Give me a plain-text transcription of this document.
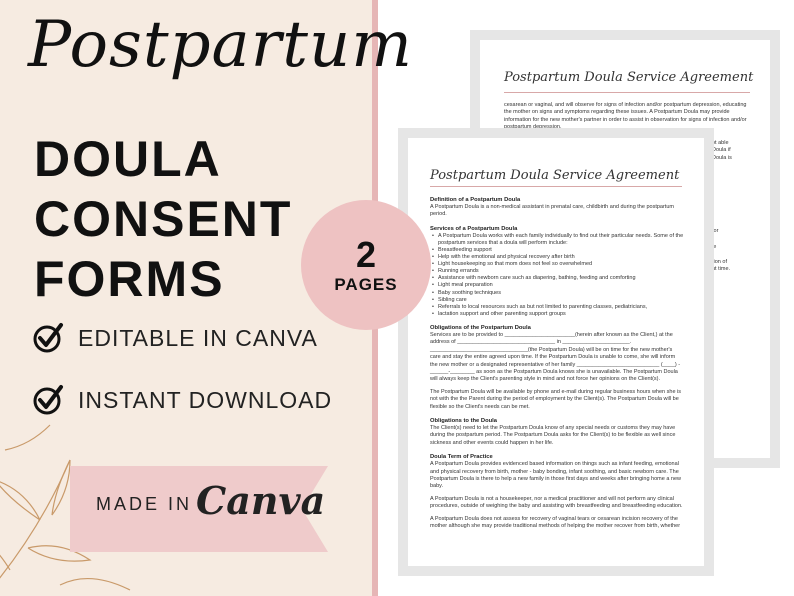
Postpartum
DOULA
CONSENT
FORMS
EDITABLE IN CANVA
INSTANT DOWNLOAD
MADE IN Canva
Postpartum Doula Service Agreement
cesarean or vaginal, and will observe for signs of infection and/or postpartum depression, educating the mother on signs and symptoms regarding these issues. A Postpartum Doula may provide information for the new mother's partner in order to assist in observation for signs of infection and/or postpartum depression.
ot able
Doula if
Doula is
for
le
tion of
ut time.
Postpartum Doula Service Agreement
Definition of a Postpartum Doula
A Postpartum Doula is a non-medical assistant in prenatal care, childbirth and during the postpartum period.
Services of a Postpartum Doula
• A Postpartum Doula works with each family individually to find out their particular needs. Some of the postpartum services that a doula will perform include:
• Breastfeeding support
• Help with the emotional and physical recovery after birth
• Light housekeeping so that mom does not feel so overwhelmed
• Running errands
• Assistance with newborn care such as diapering, bathing, feeding and comforting
• Light meal preparation
• Baby soothing techniques
• Sibling care
• Referrals to local resources such as but not limited to parenting classes, pediatricians,
• lactation support and other parenting support groups
Obligations of the Postpartum Doula
Services are to be provided to _______________________(herein after known as the Client,) at the address of ________________________________ in ______________________. ________________________________(the Postpartum Doula) will be on time for the new mother's care and stay the entire agreed upon time. If the Postpartum Doula is unable to come, she will inform the new mother or a designated representative of her family ___________________________ (____) - ______-________ as soon as the Postpartum Doula knows she is unavailable. The Postpartum Doula will always keep the Client's parenting style in mind and not force her opinions on the Client(s).
The Postpartum Doula will be available by phone and e-mail during regular business hours when she is not with the the Parent during the period of employment by the Client(s). The Postpartum Doula will be flexible so the Client's needs can be met.
Obligations to the Doula
The Client(s) need to let the Postpartum Doula know of any special needs or customs they may have during the postpartum period. The Postpartum Doula asks for the Client(s) to be flexible as well since sickness and other events could happen in her life.
Doula Term of Practice
A Postpartum Doula provides evidenced based information on things such as infant feeding, emotional and physical recovery from birth, mother - baby bonding, infant soothing, and basic newborn care. The Postpartum Doula is there to help a new family in those first days and weeks after bringing home a new baby.
A Postpartum Doula is not a housekeeper, nor a medical practitioner and will not perform any clinical procedures, outside of weighing the baby and assisting with breastfeeding and breastfeeding education.
A Postpartum Doula does not assess for recovery of vaginal tears or cesarean incision recovery of the mother although she may provide traditional methods of helping the mother recover from birth, whether
2
PAGES
